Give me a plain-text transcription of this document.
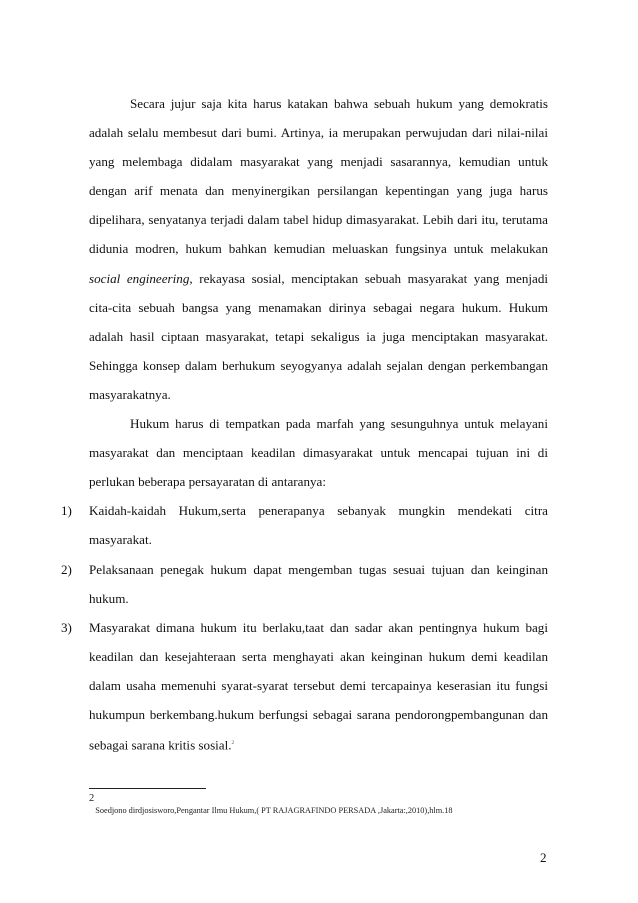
Secara jujur saja kita harus katakan bahwa sebuah hukum yang demokratis adalah selalu membesut dari bumi. Artinya, ia merupakan perwujudan dari nilai-nilai yang melembaga didalam masyarakat yang menjadi sasarannya, kemudian untuk dengan arif menata dan menyinergikan persilangan kepentingan yang juga harus dipelihara, senyatanya terjadi dalam tabel hidup dimasyarakat. Lebih dari itu, terutama didunia modren, hukum bahkan kemudian meluaskan fungsinya untuk melakukan social engineering, rekayasa sosial, menciptakan sebuah masyarakat yang menjadi cita-cita sebuah bangsa yang menamakan dirinya sebagai negara hukum. Hukum adalah hasil ciptaan masyarakat, tetapi sekaligus ia juga menciptakan masyarakat. Sehingga konsep dalam berhukum seyogyanya adalah sejalan dengan perkembangan masyarakatnya.

Hukum harus di tempatkan pada marfah yang sesunguhnya untuk melayani masyarakat dan menciptaan keadilan dimasyarakat untuk mencapai tujuan ini di perlukan beberapa persayaratan di antaranya:

1) Kaidah-kaidah Hukum,serta penerapanya sebanyak mungkin mendekati citra masyarakat.
2) Pelaksanaan penegak hukum dapat mengemban tugas sesuai tujuan dan keinginan hukum.
3) Masyarakat dimana hukum itu berlaku,taat dan sadar akan pentingnya hukum bagi keadilan dan kesejahteraan serta menghayati akan keinginan hukum demi keadilan dalam usaha memenuhi syarat-syarat tersebut demi tercapainya keserasian itu fungsi hukumpun berkembang.hukum berfungsi sebagai sarana pendorongpembangunan dan sebagai sarana kritis sosial.$^2$
2Soedjono dirdjosisworo,Pengantar Ilmu Hukum,( PT RAJAGRAFINDO PERSADA ,Jakarta:,2010),hlm.18
2
